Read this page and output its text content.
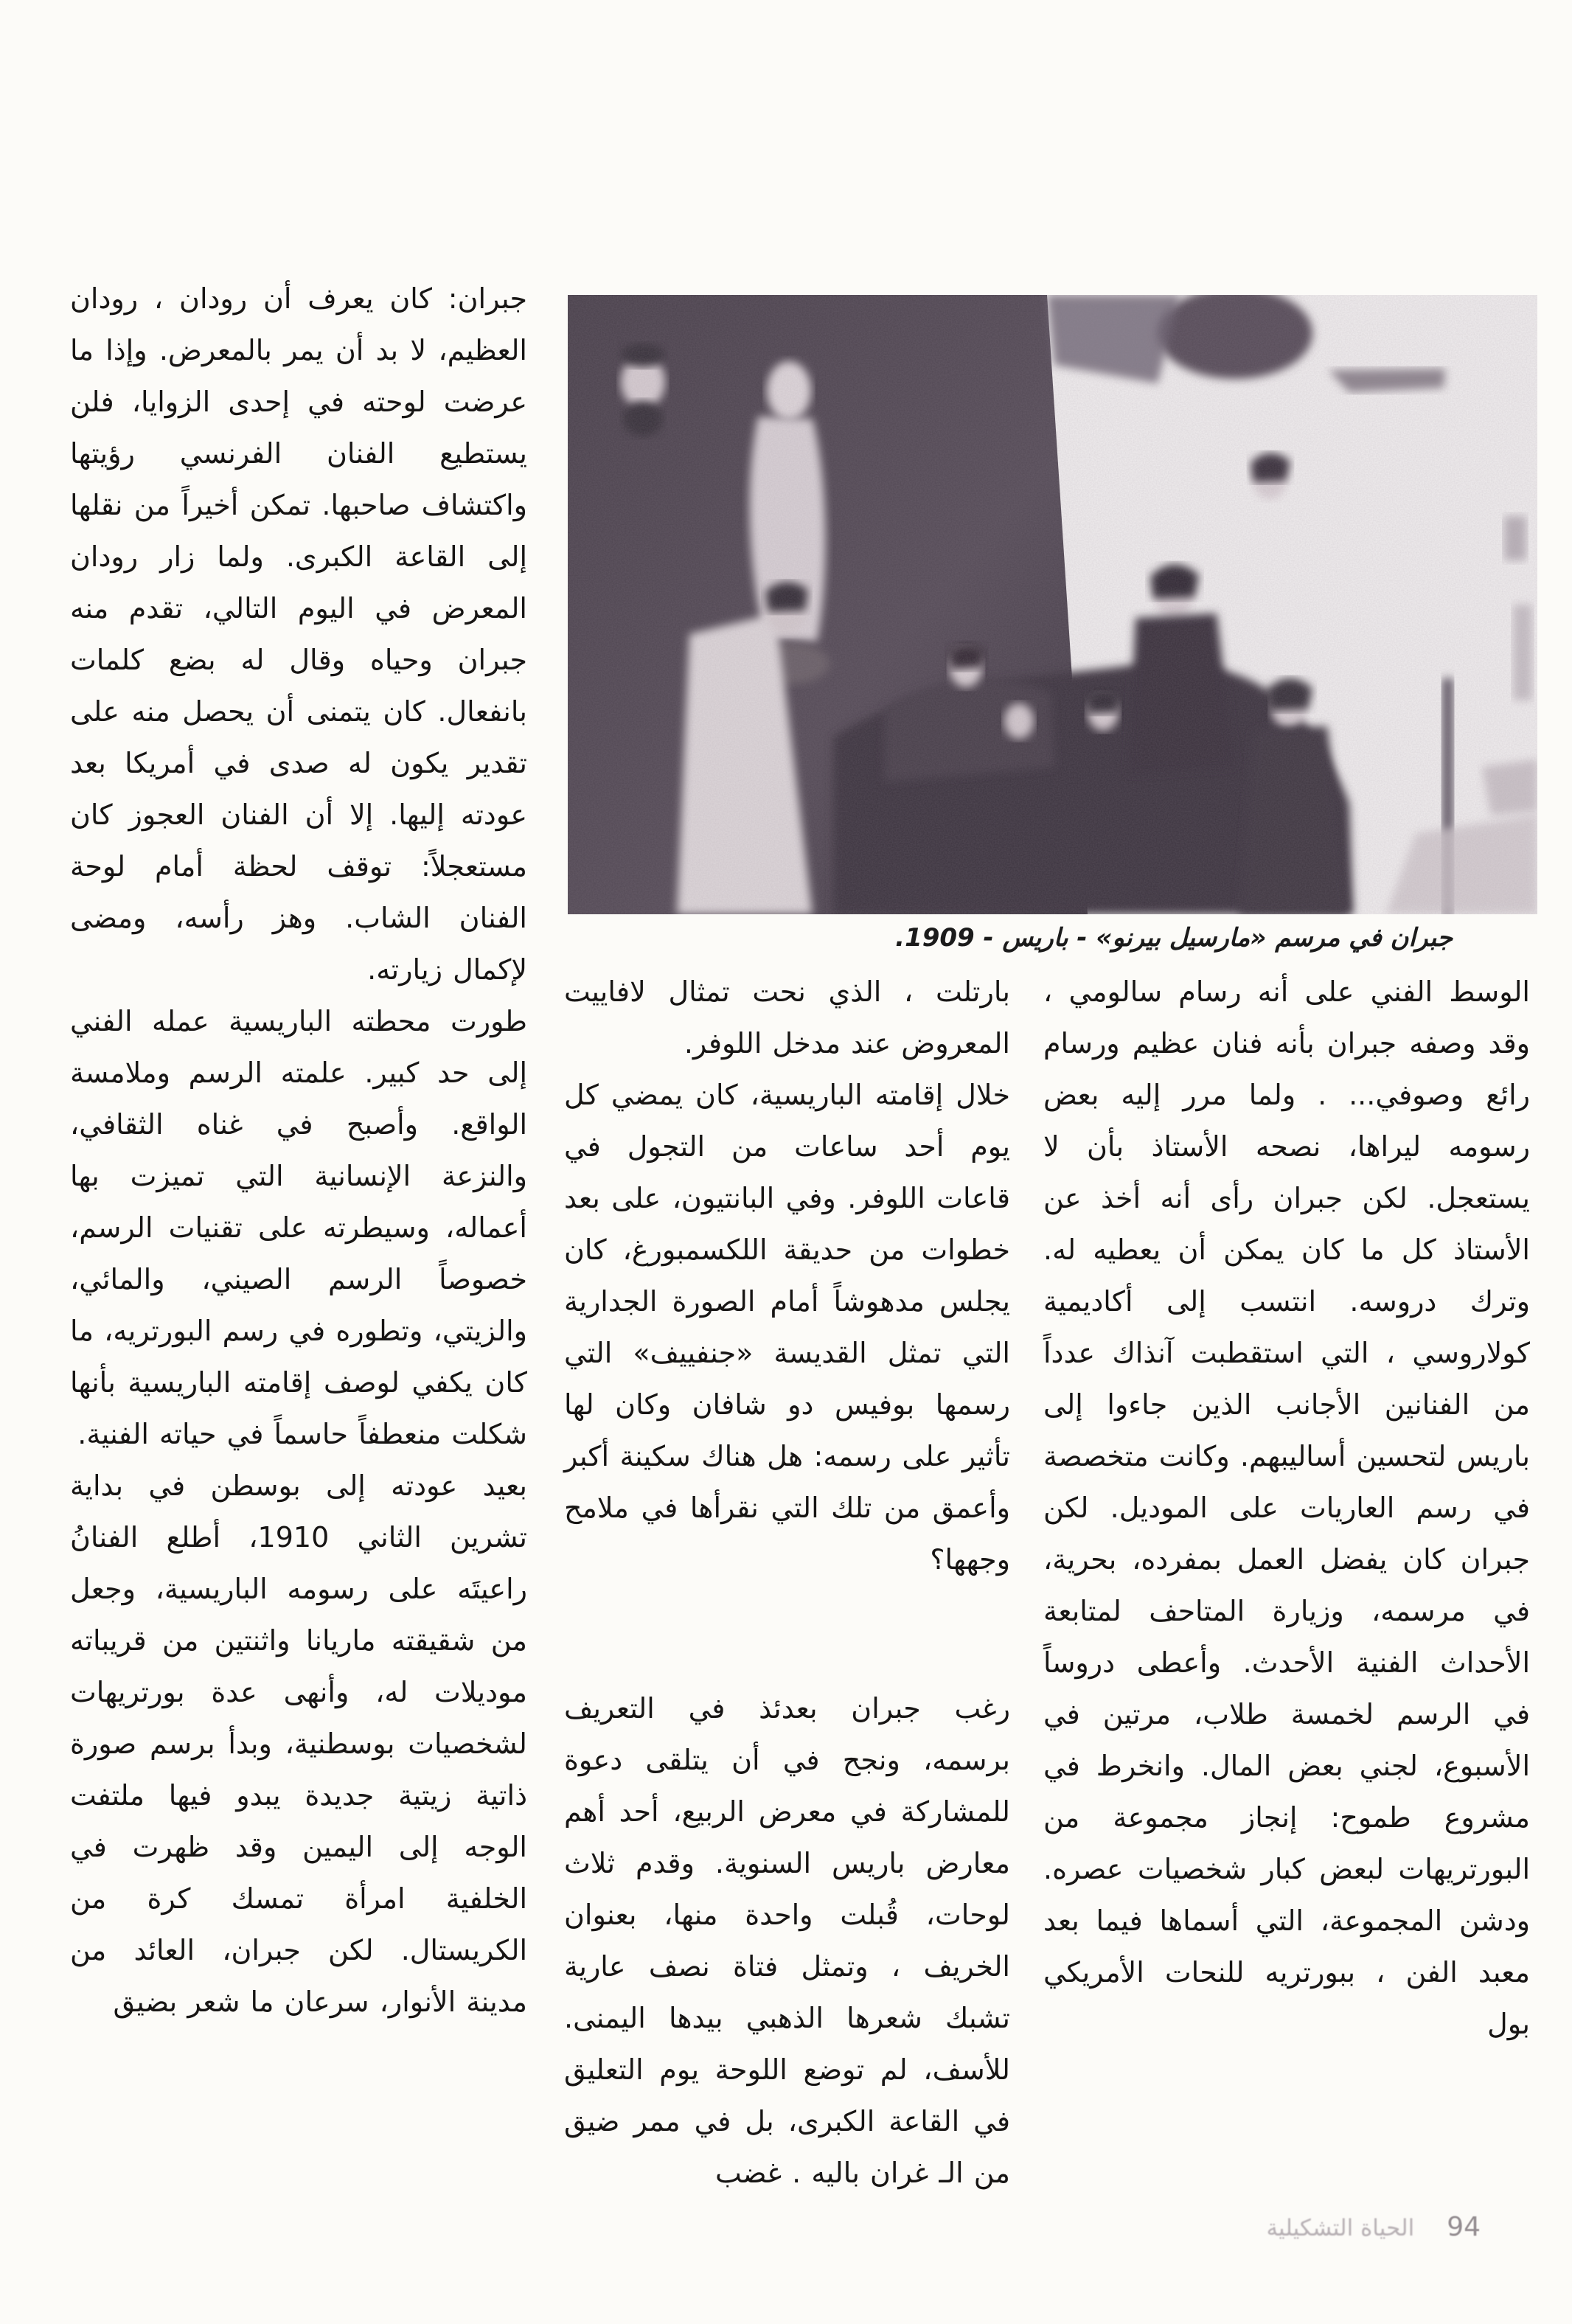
جبران في مرسم «مارسيل بيرنو» - باريس - 1909.

الوسط الفني على أنه رسام سالومي ، وقد وصفه جبران بأنه فنان عظيم ورسام رائع وصوفي... . ولما مرر إليه بعض رسومه ليراها، نصحه الأستاذ بأن لا يستعجل. لكن جبران رأى أنه أخذ عن الأستاذ كل ما كان يمكن أن يعطيه له. وترك دروسه. انتسب إلى أكاديمية كولاروسي ، التي استقطبت آنذاك عدداً من الفنانين الأجانب الذين جاءوا إلى باريس لتحسين أساليبهم. وكانت متخصصة في رسم العاريات على الموديل. لكن جبران كان يفضل العمل بمفرده، بحرية، في مرسمه، وزيارة المتاحف لمتابعة الأحداث الفنية الأحدث. وأعطى دروساً في الرسم لخمسة طلاب، مرتين في الأسبوع، لجني بعض المال. وانخرط في مشروع طموح: إنجاز مجموعة من البورتريهات لبعض كبار شخصيات عصره. ودشن المجموعة، التي أسماها فيما بعد معبد الفن ، ببورتريه للنحات الأمريكي بول

بارتلت ، الذي نحت تمثال لافاييت المعروض عند مدخل اللوفر.

خلال إقامته الباريسية، كان يمضي كل يوم أحد ساعات من التجول في قاعات اللوفر. وفي البانتيون، على بعد خطوات من حديقة اللكسمبورغ، كان يجلس مدهوشاً أمام الصورة الجدارية التي تمثل القديسة «جنفييف» التي رسمها بوفيس دو شافان وكان لها تأثير على رسمه: هل هناك سكينة أكبر وأعمق من تلك التي نقرأها في ملامح وجهها؟

رغب جبران بعدئذ في التعريف برسمه، ونجح في أن يتلقى دعوة للمشاركة في معرض الربيع، أحد أهم معارض باريس السنوية. وقدم ثلاث لوحات، قُبلت واحدة منها، بعنوان الخريف ، وتمثل فتاة نصف عارية تشبك شعرها الذهبي بيدها اليمنى. للأسف، لم توضع اللوحة يوم التعليق في القاعة الكبرى، بل في ممر ضيق من الـ غران باليه . غضب

جبران: كان يعرف أن رودان ، رودان العظيم، لا بد أن يمر بالمعرض. وإذا ما عرضت لوحته في إحدى الزوايا، فلن يستطيع الفنان الفرنسي رؤيتها واكتشاف صاحبها. تمكن أخيراً من نقلها إلى القاعة الكبرى. ولما زار رودان المعرض في اليوم التالي، تقدم منه جبران وحياه وقال له بضع كلمات بانفعال. كان يتمنى أن يحصل منه على تقدير يكون له صدى في أمريكا بعد عودته إليها. إلا أن الفنان العجوز كان مستعجلاً: توقف لحظة أمام لوحة الفنان الشاب. وهز رأسه، ومضى لإكمال زيارته.

طورت محطته الباريسية عمله الفني إلى حد كبير. علمته الرسم وملامسة الواقع. وأصبح في غناه الثقافي، والنزعة الإنسانية التي تميزت بها أعماله، وسيطرته على تقنيات الرسم، خصوصاً الرسم الصيني، والمائي، والزيتي، وتطوره في رسم البورتريه، ما كان يكفي لوصف إقامته الباريسية بأنها شكلت منعطفاً حاسماً في حياته الفنية.

بعيد عودته إلى بوسطن في بداية تشرين الثاني 1910، أطلع الفنانُ راعيتَه على رسومه الباريسية، وجعل من شقيقته ماريانا واثنتين من قريباته موديلات له، وأنهى عدة بورتريهات لشخصيات بوسطنية، وبدأ برسم صورة ذاتية زيتية جديدة يبدو فيها ملتفت الوجه إلى اليمين وقد ظهرت في الخلفية امرأة تمسك كرة من الكريستال. لكن جبران، العائد من مدينة الأنوار، سرعان ما شعر بضيق

الحياة التشكيلية 94
